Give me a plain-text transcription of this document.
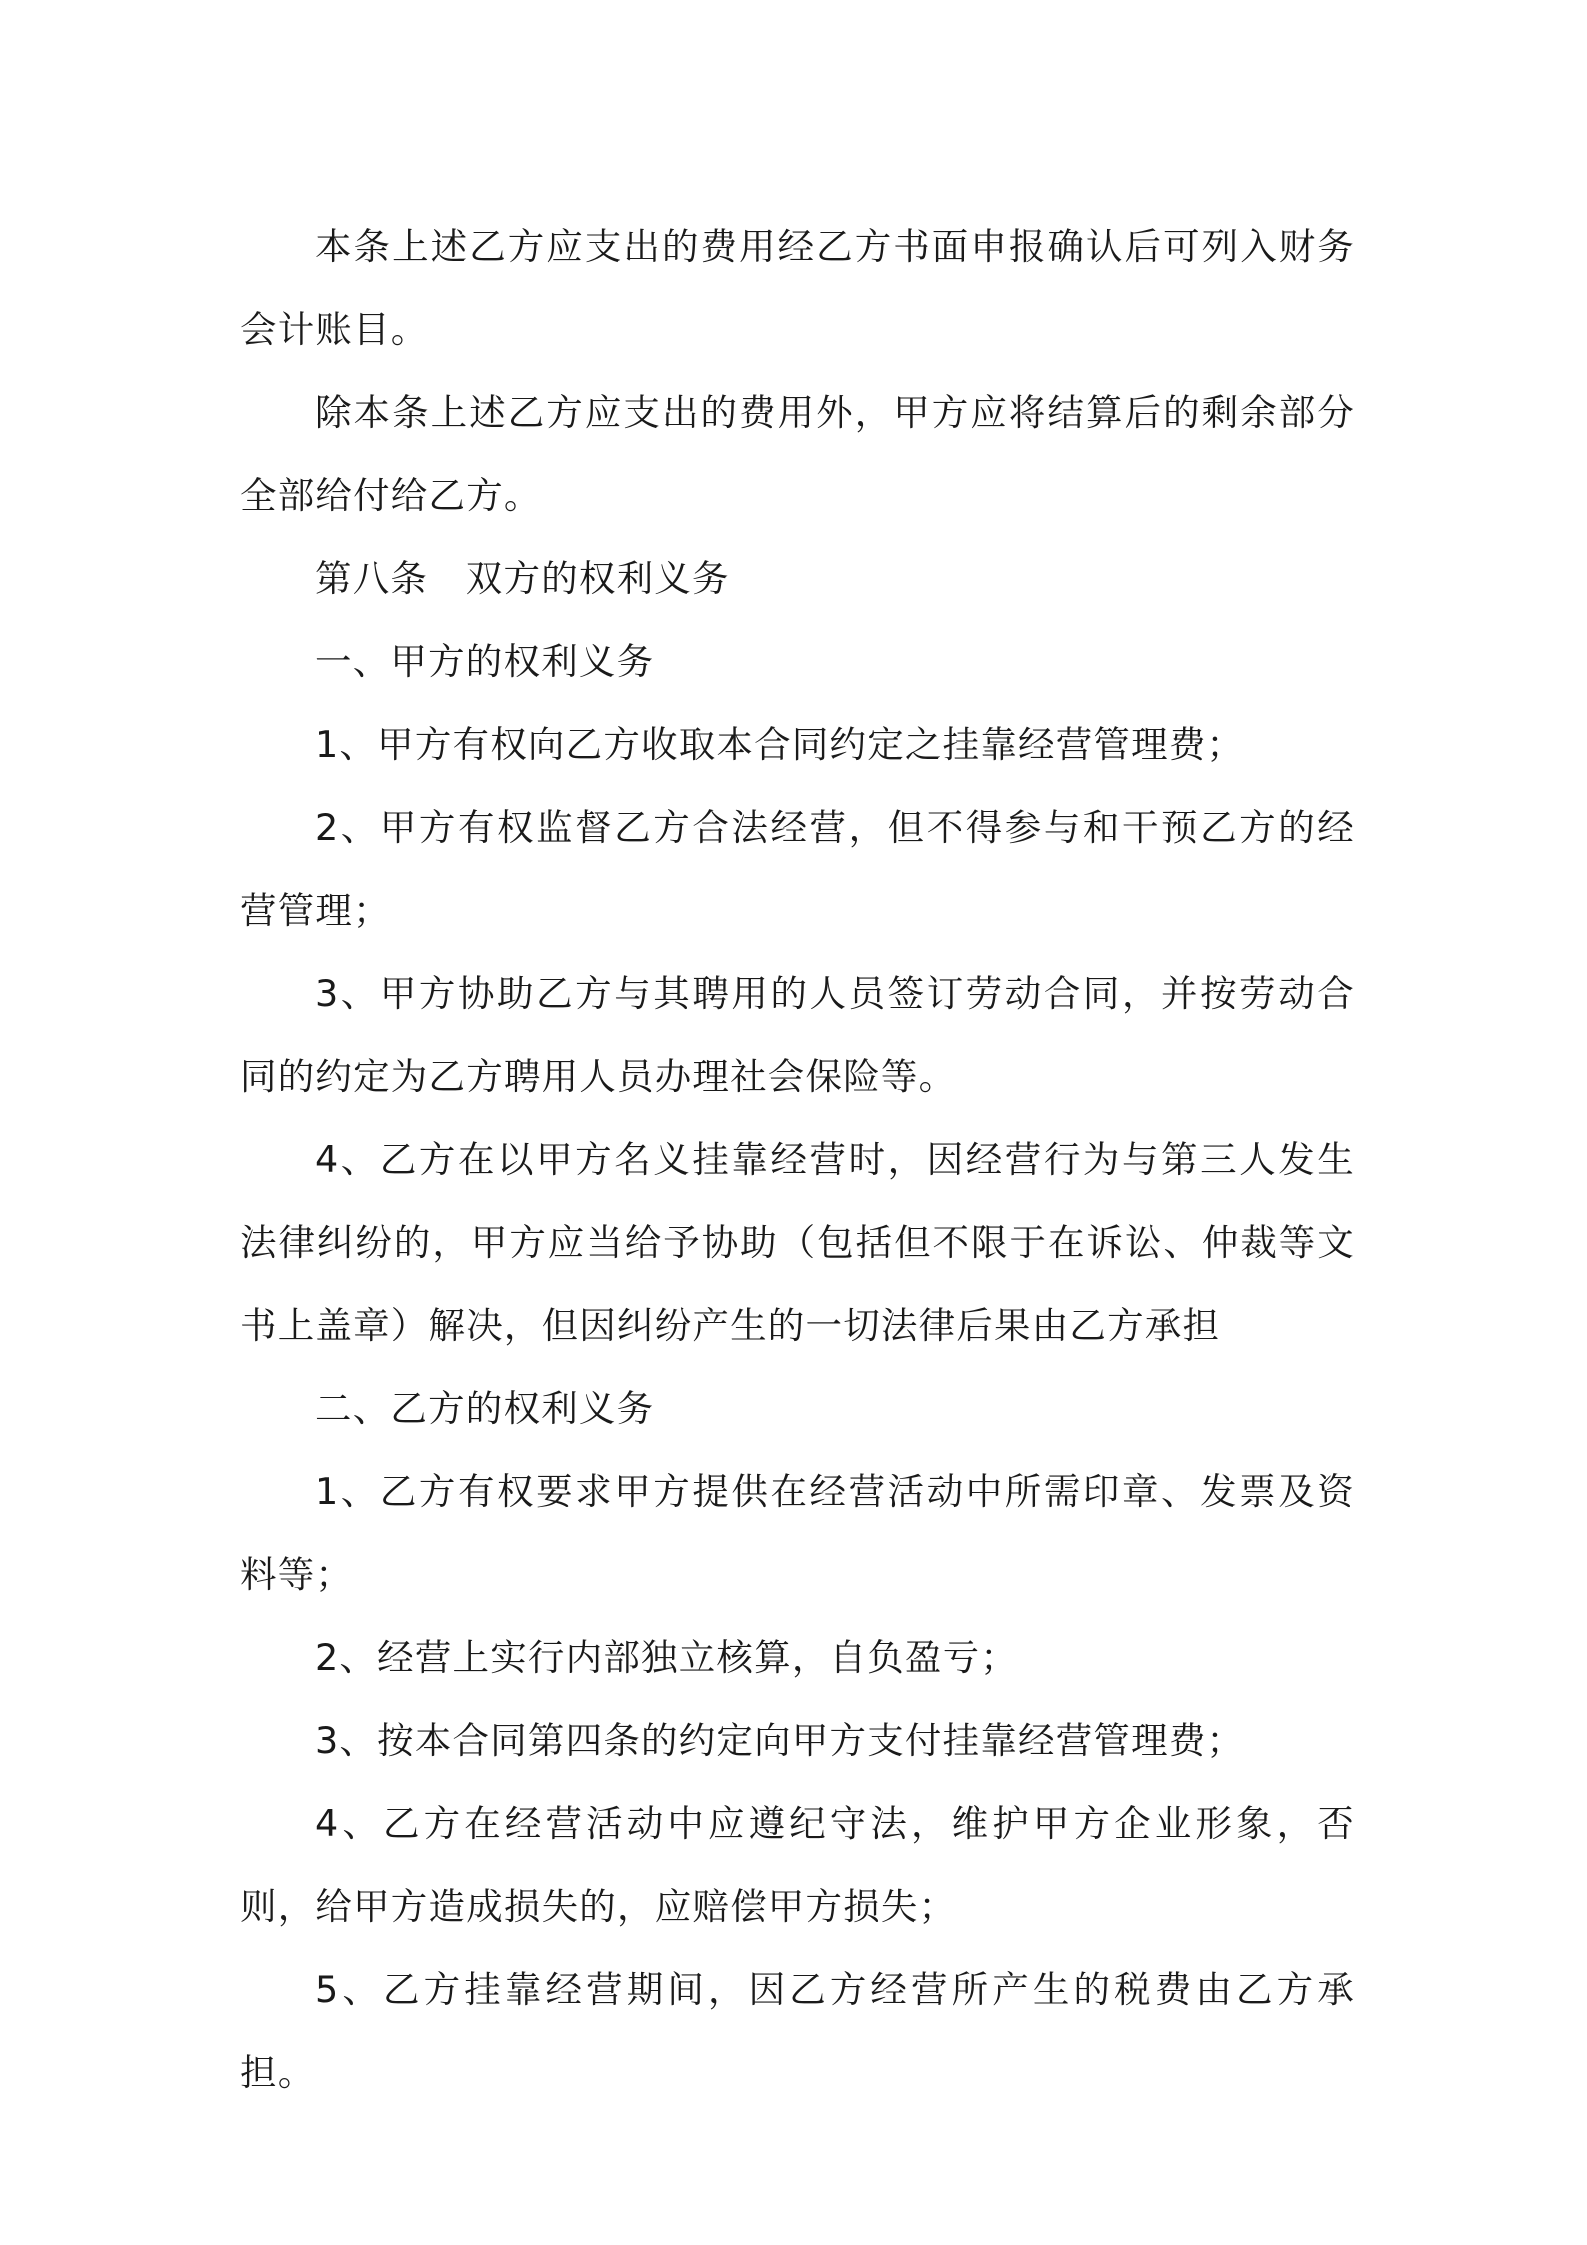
本条上述乙方应支出的费用经乙方书面申报确认后可列入财务会计账目。

除本条上述乙方应支出的费用外，甲方应将结算后的剩余部分全部给付给乙方。

第八条　双方的权利义务

一、甲方的权利义务

1、甲方有权向乙方收取本合同约定之挂靠经营管理费；

2、甲方有权监督乙方合法经营，但不得参与和干预乙方的经营管理；

3、甲方协助乙方与其聘用的人员签订劳动合同，并按劳动合同的约定为乙方聘用人员办理社会保险等。

4、乙方在以甲方名义挂靠经营时，因经营行为与第三人发生法律纠纷的，甲方应当给予协助（包括但不限于在诉讼、仲裁等文书上盖章）解决，但因纠纷产生的一切法律后果由乙方承担

二、乙方的权利义务

1、乙方有权要求甲方提供在经营活动中所需印章、发票及资料等；

2、经营上实行内部独立核算，自负盈亏；

3、按本合同第四条的约定向甲方支付挂靠经营管理费；

4、乙方在经营活动中应遵纪守法，维护甲方企业形象，否则，给甲方造成损失的，应赔偿甲方损失；

5、乙方挂靠经营期间，因乙方经营所产生的税费由乙方承担。
